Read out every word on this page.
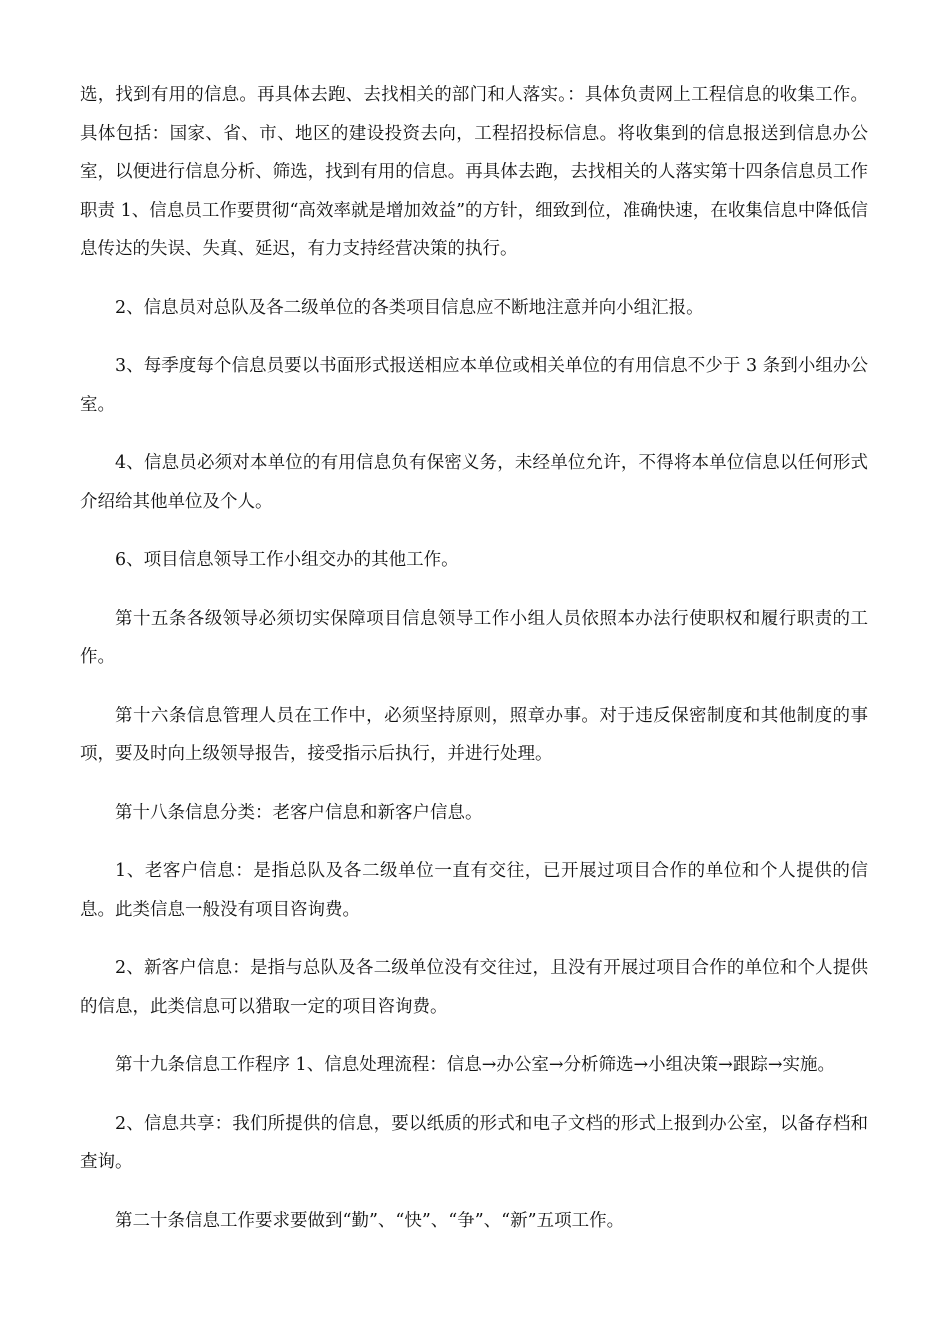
选，找到有用的信息。再具体去跑、去找相关的部门和人落实。：具体负责网上工程信息的收集工作。具体包括：国家、省、市、地区的建设投资去向，工程招投标信息。将收集到的信息报送到信息办公室，以便进行信息分析、筛选，找到有用的信息。再具体去跑，去找相关的人落实第十四条信息员工作职责 1、信息员工作要贯彻“高效率就是增加效益”的方针，细致到位，准确快速，在收集信息中降低信息传达的失误、失真、延迟，有力支持经营决策的执行。

2、信息员对总队及各二级单位的各类项目信息应不断地注意并向小组汇报。

3、每季度每个信息员要以书面形式报送相应本单位或相关单位的有用信息不少于 3 条到小组办公室。

4、信息员必须对本单位的有用信息负有保密义务，未经单位允许，不得将本单位信息以任何形式介绍给其他单位及个人。

6、项目信息领导工作小组交办的其他工作。

第十五条各级领导必须切实保障项目信息领导工作小组人员依照本办法行使职权和履行职责的工作。

第十六条信息管理人员在工作中，必须坚持原则，照章办事。对于违反保密制度和其他制度的事项，要及时向上级领导报告，接受指示后执行，并进行处理。

第十八条信息分类：老客户信息和新客户信息。

1、老客户信息：是指总队及各二级单位一直有交往，已开展过项目合作的单位和个人提供的信息。此类信息一般没有项目咨询费。

2、新客户信息：是指与总队及各二级单位没有交往过，且没有开展过项目合作的单位和个人提供的信息，此类信息可以猎取一定的项目咨询费。

第十九条信息工作程序 1、信息处理流程：信息→办公室→分析筛选→小组决策→跟踪→实施。

2、信息共享：我们所提供的信息，要以纸质的形式和电子文档的形式上报到办公室，以备存档和查询。

第二十条信息工作要求要做到“勤”、“快”、“争”、“新”五项工作。
